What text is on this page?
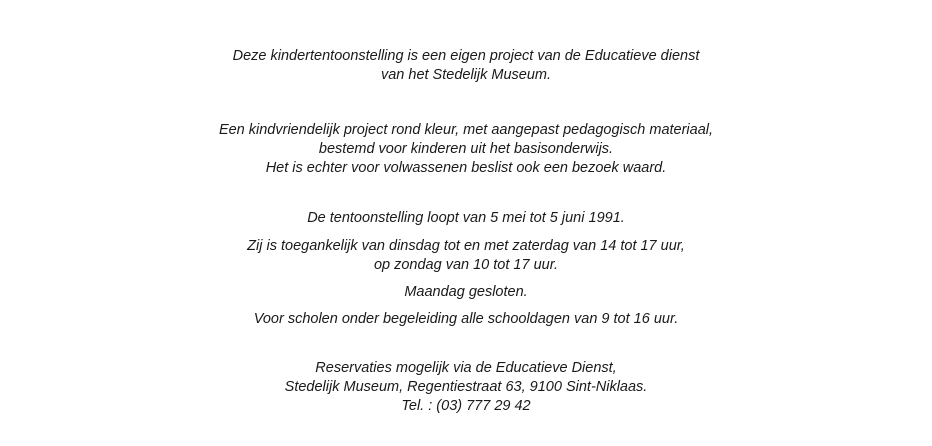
Deze kindertentoonstelling is een eigen project van de Educatieve dienst
van het Stedelijk Museum.
Een kindvriendelijk project rond kleur, met aangepast pedagogisch materiaal,
bestemd voor kinderen uit het basisonderwijs.
Het is echter voor volwassenen beslist ook een bezoek waard.
De tentoonstelling loopt van 5 mei tot 5 juni 1991.
Zij is toegankelijk van dinsdag tot en met zaterdag van 14 tot 17 uur,
op zondag van 10 tot 17 uur.
Maandag gesloten.
Voor scholen onder begeleiding alle schooldagen van 9 tot 16 uur.
Reservaties mogelijk via de Educatieve Dienst,
Stedelijk Museum, Regentiestraat 63, 9100 Sint-Niklaas.
Tel. : (03) 777 29 42
